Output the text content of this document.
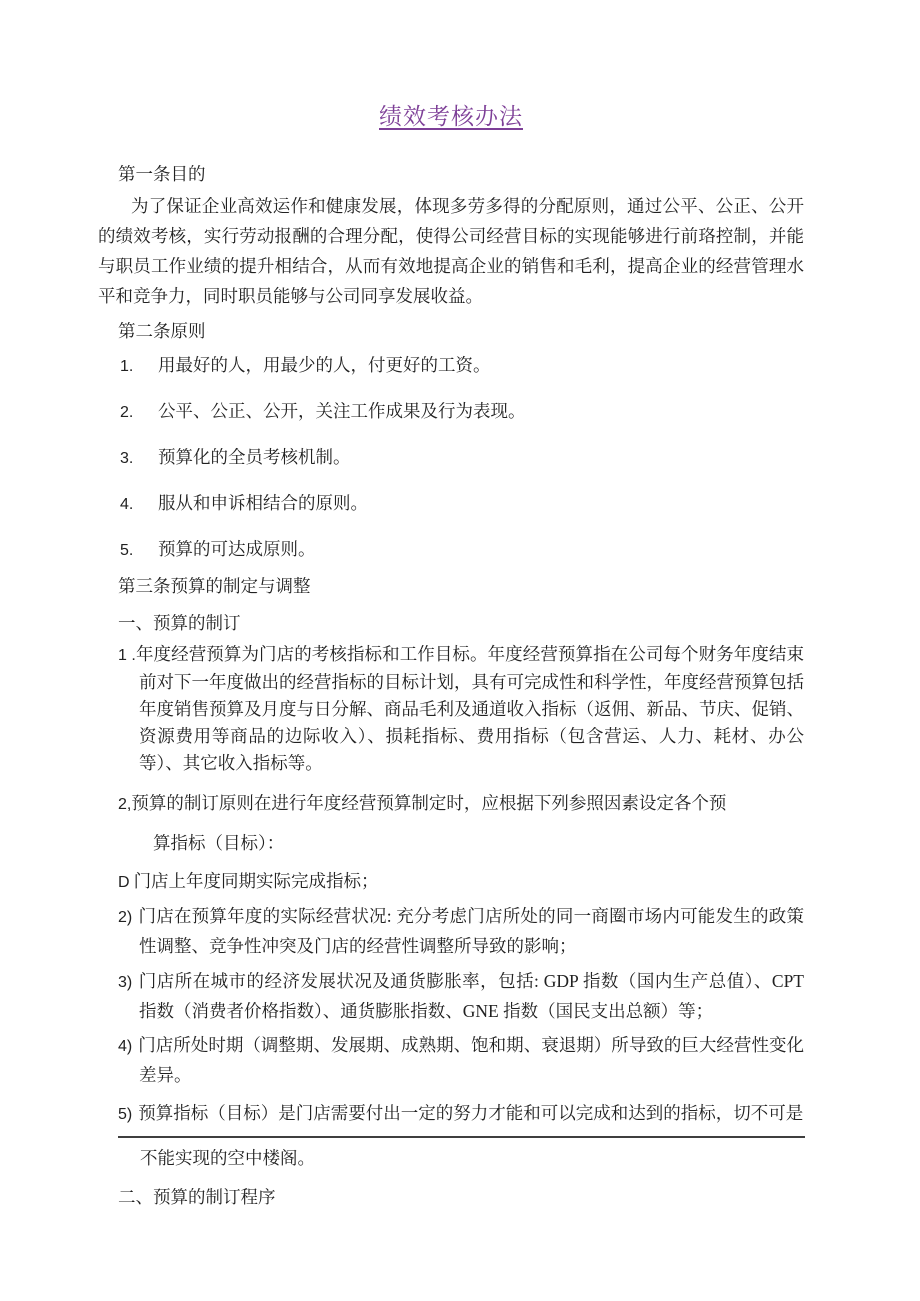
绩效考核办法

第一条目的

为了保证企业高效运作和健康发展，体现多劳多得的分配原则，通过公平、公正、公开的绩效考核，实行劳动报酬的合理分配，使得公司经营目标的实现能够进行前珞控制，并能与职员工作业绩的提升相结合，从而有效地提高企业的销售和毛利，提高企业的经营管理水平和竞争力，同时职员能够与公司同享发展收益。

第二条原则

1. 用最好的人，用最少的人，付更好的工资。
2. 公平、公正、公开，关注工作成果及行为表现。
3. 预算化的全员考核机制。
4. 服从和申诉相结合的原则。
5. 预算的可达成原则。

第三条预算的制定与调整

一、预算的制订

1 .年度经营预算为门店的考核指标和工作目标。年度经营预算指在公司每个财务年度结束前对下一年度做出的经营指标的目标计划，具有可完成性和科学性，年度经营预算包括年度销售预算及月度与日分解、商品毛利及通道收入指标（返佣、新品、节庆、促销、资源费用等商品的边际收入）、损耗指标、费用指标（包含营运、人力、耗材、办公等）、其它收入指标等。

2,预算的制订原则在进行年度经营预算制定时，应根据下列参照因素设定各个预

算指标（目标）：

D 门店上年度同期实际完成指标；

2) 门店在预算年度的实际经营状况: 充分考虑门店所处的同一商圈市场内可能发生的政策性调整、竞争性冲突及门店的经营性调整所导致的影响；

3) 门店所在城市的经济发展状况及通货膨胀率，包括: GDP 指数（国内生产总值）、CPT 指数（消费者价格指数）、通货膨胀指数、GNE 指数（国民支出总额）等；

4) 门店所处时期（调整期、发展期、成熟期、饱和期、衰退期）所导致的巨大经营性变化差异。

5) 预算指标（目标）是门店需要付出一定的努力才能和可以完成和达到的指标，切不可是

不能实现的空中楼阁。

二、预算的制订程序
